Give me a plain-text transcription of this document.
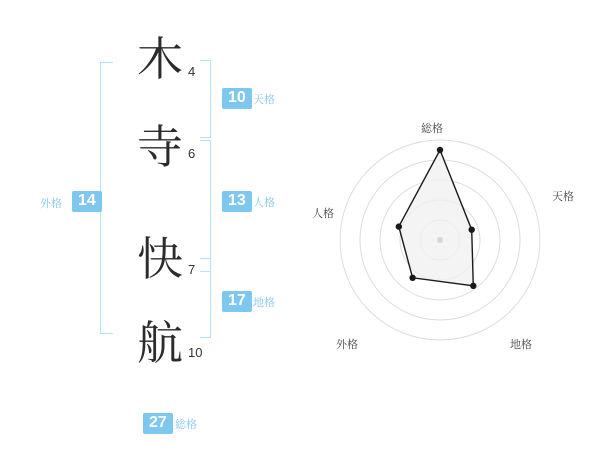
外格	14
木 4
寺 6
快 7
航 10
10 天格
13 人格
17 地格
27 総格
総格
天格
地格
外格
人格
